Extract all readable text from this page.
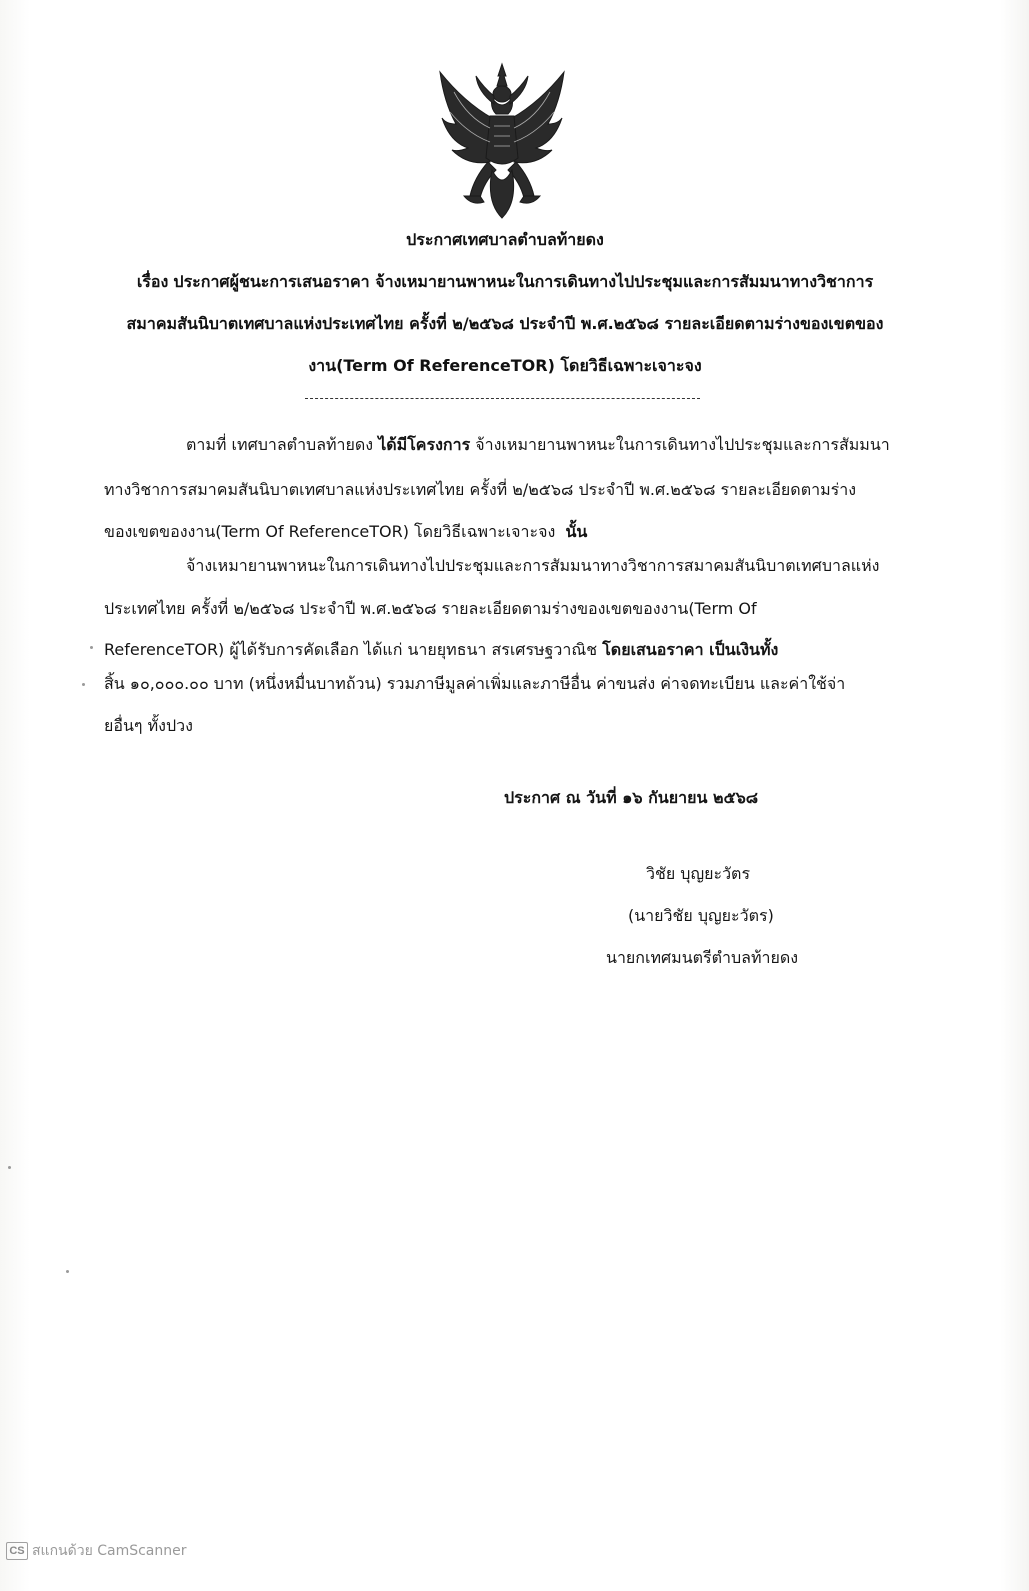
ประกาศเทศบาลตำบลท้ายดง
เรื่อง ประกาศผู้ชนะการเสนอราคา จ้างเหมายานพาหนะในการเดินทางไปประชุมและการสัมมนาทางวิชาการ
สมาคมสันนิบาตเทศบาลแห่งประเทศไทย ครั้งที่ ๒/๒๕๖๘ ประจำปี พ.ศ.๒๕๖๘ รายละเอียดตามร่างของเขตของ
งาน(Term Of ReferenceTOR) โดยวิธีเฉพาะเจาะจง
ตามที่ เทศบาลตำบลท้ายดง ได้มีโครงการ จ้างเหมายานพาหนะในการเดินทางไปประชุมและการสัมมนา
ทางวิชาการสมาคมสันนิบาตเทศบาลแห่งประเทศไทย ครั้งที่ ๒/๒๕๖๘ ประจำปี พ.ศ.๒๕๖๘ รายละเอียดตามร่าง
ของเขตของงาน(Term Of ReferenceTOR) โดยวิธีเฉพาะเจาะจง นั้น
จ้างเหมายานพาหนะในการเดินทางไปประชุมและการสัมมนาทางวิชาการสมาคมสันนิบาตเทศบาลแห่ง
ประเทศไทย ครั้งที่ ๒/๒๕๖๘ ประจำปี พ.ศ.๒๕๖๘ รายละเอียดตามร่างของเขตของงาน(Term Of
ReferenceTOR) ผู้ได้รับการคัดเลือก ได้แก่ นายยุทธนา สรเศรษฐวาณิช โดยเสนอราคา เป็นเงินทั้ง
สิ้น ๑๐,๐๐๐.๐๐ บาท (หนึ่งหมื่นบาทถ้วน) รวมภาษีมูลค่าเพิ่มและภาษีอื่น ค่าขนส่ง ค่าจดทะเบียน และค่าใช้จ่า
ยอื่นๆ ทั้งปวง
ประกาศ ณ วันที่ ๑๖ กันยายน ๒๕๖๘
วิชัย บุญยะวัตร
(นายวิชัย บุญยะวัตร)
นายกเทศมนตรีตำบลท้ายดง
CS สแกนด้วย CamScanner
